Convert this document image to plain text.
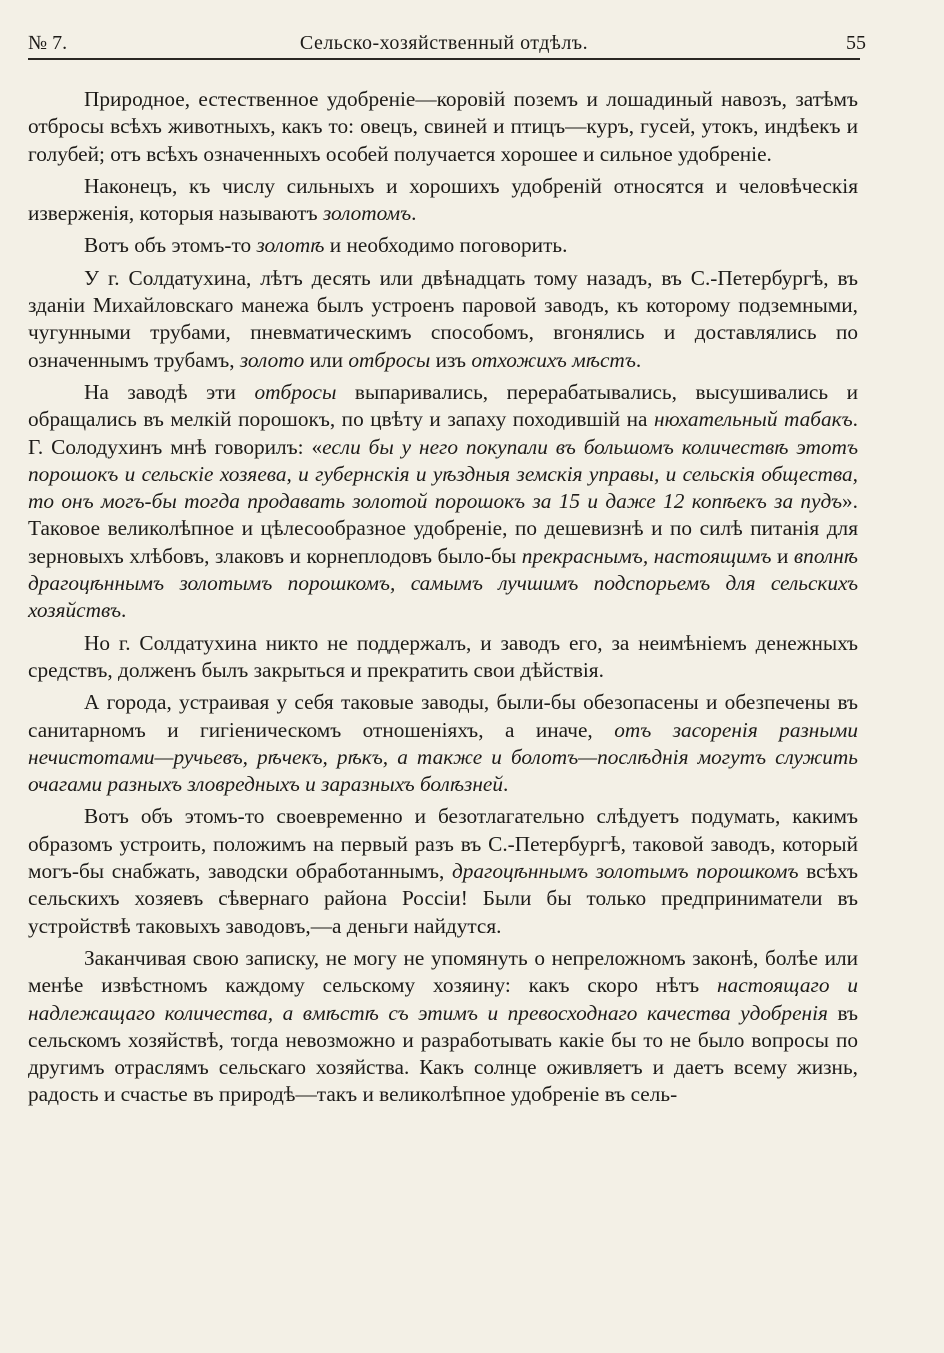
№ 7.	Сельско-хозяйственный отдѣлъ.	55

Природное, естественное удобреніе—коровій поземъ и лошадиный навозъ, затѣмъ отбросы всѣхъ животныхъ, какъ то: овецъ, свиней и птицъ—куръ, гусей, утокъ, индѣекъ и голубей; отъ всѣхъ означенныхъ особей получается хорошее и сильное удобреніе.

Наконецъ, къ числу сильныхъ и хорошихъ удобреній относятся и человѣческія изверженія, которыя называютъ золотомъ.

Вотъ объ этомъ-то золотѣ и необходимо поговорить.

У г. Солдатухина, лѣтъ десять или двѣнадцать тому назадъ, въ С.-Петербургѣ, въ зданіи Михайловскаго манежа былъ устроенъ паровой заводъ, къ которому подземными, чугунными трубами, пневматическимъ способомъ, вгонялись и доставлялись по означеннымъ трубамъ, золото или отбросы изъ отхожихъ мѣстъ.

На заводѣ эти отбросы выпаривались, перерабатывались, высушивались и обращались въ мелкій порошокъ, по цвѣту и запаху походившій на нюхательный табакъ. Г. Солодухинъ мнѣ говорилъ: «если бы у него покупали въ большомъ количествѣ этотъ порошокъ и сельскіе хозяева, и губернскія и уѣздныя земскія управы, и сельскія общества, то онъ могъ-бы тогда продавать золотой порошокъ за 15 и даже 12 копѣекъ за пудъ». Таковое великолѣпное и цѣлесообразное удобреніе, по дешевизнѣ и по силѣ питанія для зерновыхъ хлѣбовъ, злаковъ и корнеплодовъ было-бы прекраснымъ, настоящимъ и вполнѣ драгоцѣннымъ золотымъ порошкомъ, самымъ лучшимъ подспорьемъ для сельскихъ хозяйствъ.

Но г. Солдатухина никто не поддержалъ, и заводъ его, за неимѣніемъ денежныхъ средствъ, долженъ былъ закрыться и прекратить свои дѣйствія.

А города, устраивая у себя таковые заводы, были-бы обезопасены и обезпечены въ санитарномъ и гигіеническомъ отношеніяхъ, а иначе, отъ засоренія разными нечистотами—ручьевъ, рѣчекъ, рѣкъ, а также и болотъ—послѣднія могутъ служить очагами разныхъ зловредныхъ и заразныхъ болѣзней.

Вотъ объ этомъ-то своевременно и безотлагательно слѣдуетъ подумать, какимъ образомъ устроить, положимъ на первый разъ въ С.-Петербургѣ, таковой заводъ, который могъ-бы снабжать, заводски обработаннымъ, драгоцѣннымъ золотымъ порошкомъ всѣхъ сельскихъ хозяевъ сѣвернаго района Россіи! Были бы только предприниматели въ устройствѣ таковыхъ заводовъ,—а деньги найдутся.

Заканчивая свою записку, не могу не упомянуть о непреложномъ законѣ, болѣе или менѣе извѣстномъ каждому сельскому хозяину: какъ скоро нѣтъ настоящаго и надлежащаго количества, а вмѣстѣ съ этимъ и превосходнаго качества удобренія въ сельскомъ хозяйствѣ, тогда невозможно и разработывать какіе бы то не было вопросы по другимъ отраслямъ сельскаго хозяйства. Какъ солнце оживляетъ и даетъ всему жизнь, радость и счастье въ природѣ—такъ и великолѣпное удобреніе въ сель-
